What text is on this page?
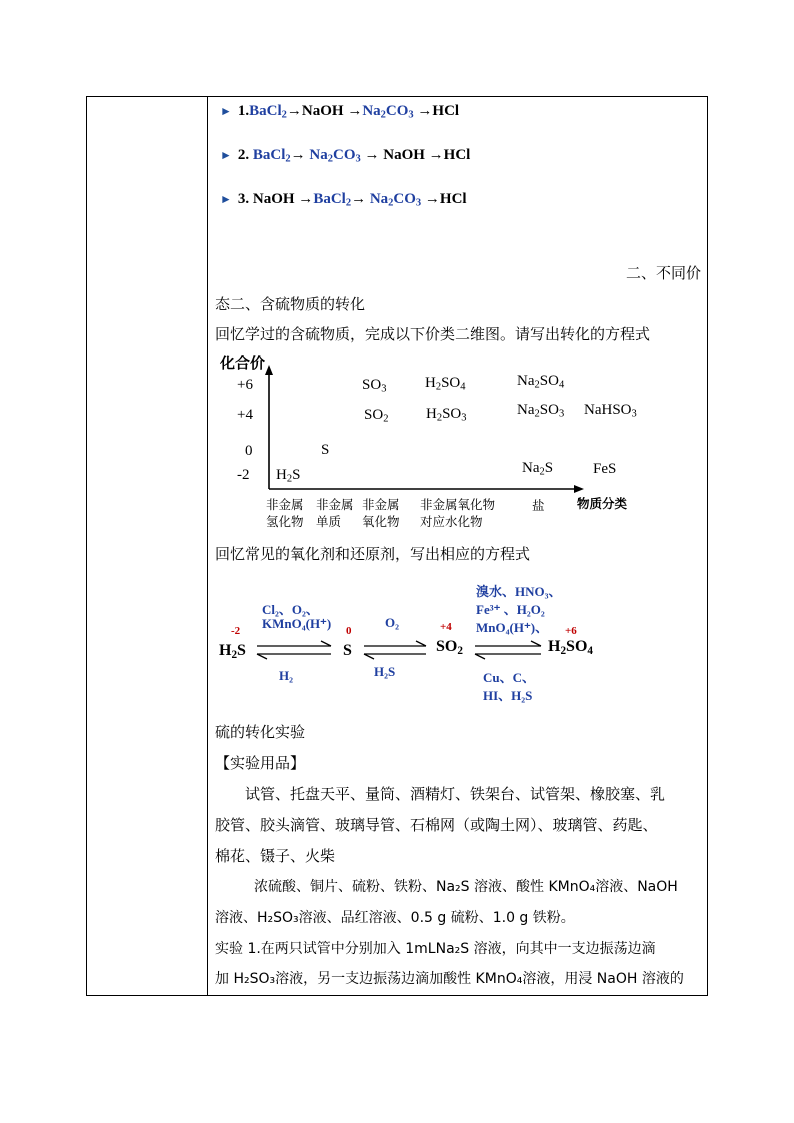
► 1.BaCl$_2$→NaOH $\to Na_2CO_3 \to HCl$
► 2. BaCl$_2$→ $Na_2CO_3$ → NaOH →HCl
► 3. NaOH →BaCl$_2$→ $Na_2CO_3 \to HCl$
二、不同价
态二、含硫物质的转化
回忆学过的含硫物质，完成以下价类二维图。请写出转化的方程式
化合价
+6
+4
0
-2
$SO_3$	$H_2SO_4$	$Na_2SO_4$
$SO_2$	$H_2SO_3$
$Na_2SO_3$ NaHSO$_3$
S
$H_2S$	$Na_2S$	FeS
非金属
氢化物
非金属
单质
非金属
氧化物
非金属氧化物
对应水化物
盐	物质分类
回忆常见的氧化剂和还原剂，写出相应的方程式
Cl₂、O₂、
KMnO₄(H⁺)
H₂
O₂
H₂S
溴水、HNO₃、
Fe³⁺ 、H₂O₂
MnO₄(H⁺)、
Cu、C、
HI、H₂S
-2	0	+4	+6
$H_2S$	S	$SO_2$	$H_2SO_4$
硫的转化实验
【实验用品】
试管、托盘天平、量筒、酒精灯、铁架台、试管架、橡胶塞、乳
胶管、胶头滴管、玻璃导管、石棉网（或陶土网）、玻璃管、药匙、
棉花、镊子、火柴
浓硫酸、铜片、硫粉、铁粉、Na₂S 溶液、酸性 KMnO₄溶液、NaOH
溶液、H₂SO₃溶液、品红溶液、0.5 g 硫粉、1.0 g 铁粉。
实验 1.在两只试管中分别加入 1mLNa₂S 溶液，向其中一支边振荡边滴
加 H₂SO₃溶液，另一支边振荡边滴加酸性 KMnO₄溶液，用浸 NaOH 溶液的
